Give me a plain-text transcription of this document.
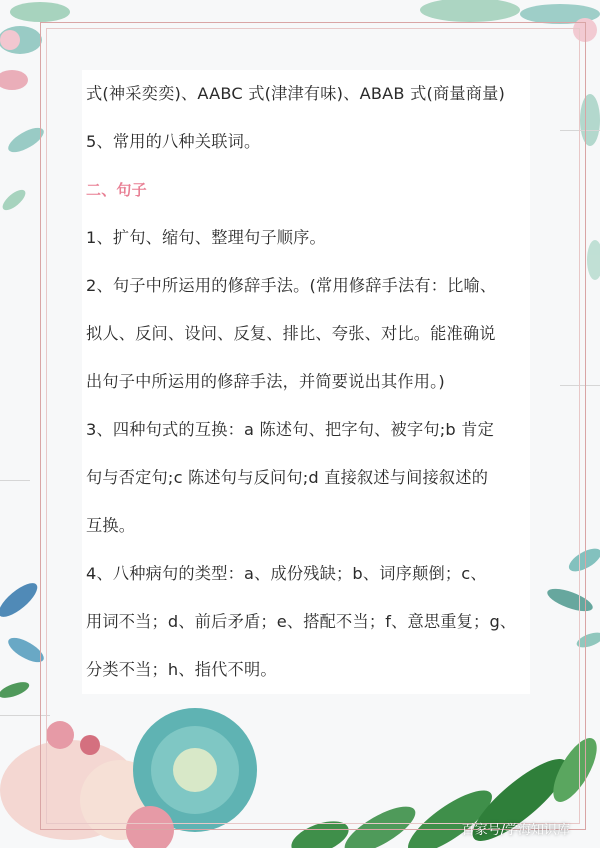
式(神采奕奕)、AABC 式(津津有味)、ABAB 式(商量商量)
5、常用的八种关联词。
二、句子
1、扩句、缩句、整理句子顺序。
2、句子中所运用的修辞手法。(常用修辞手法有：比喻、
拟人、反问、设问、反复、排比、夸张、对比。能准确说
出句子中所运用的修辞手法，并简要说出其作用。)
3、四种句式的互换：a 陈述句、把字句、被字句;b 肯定
句与否定句;c 陈述句与反问句;d 直接叙述与间接叙述的
互换。
4、八种病句的类型：a、成份残缺；b、词序颠倒；c、
用词不当；d、前后矛盾；e、搭配不当；f、意思重复；g、
分类不当；h、指代不明。
百家号/学海知识库
